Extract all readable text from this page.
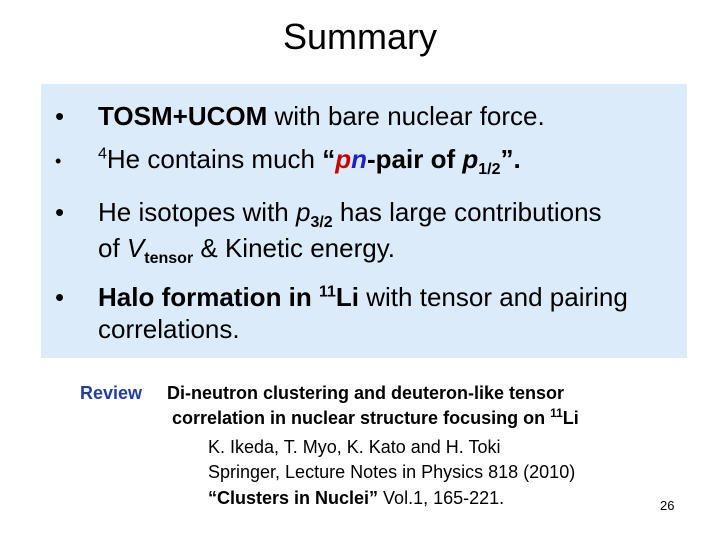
Summary
•	TOSM+UCOM with bare nuclear force.
•	$^4$He contains much “pn-pair of $p_{1/2}$”.
•	He isotopes with $p_{3/2}$ has large contributions
of $V_{tensor}$ & Kinetic energy.
•	Halo formation in $^{11}$Li with tensor and pairing
correlations.
Review Di-neutron clustering and deuteron-like tensor
correlation in nuclear structure focusing on $^{11}$Li
K. Ikeda, T. Myo, K. Kato and H. Toki
Springer, Lecture Notes in Physics 818 (2010)
“Clusters in Nuclei” Vol.1, 165-221.	26
